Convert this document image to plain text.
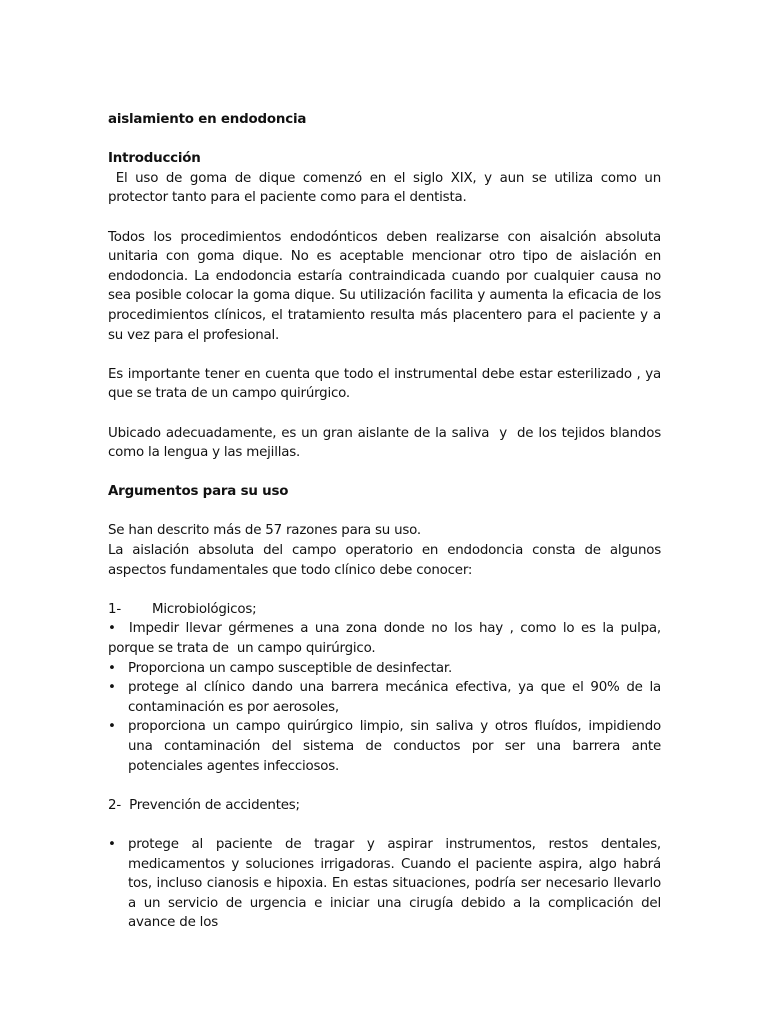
aislamiento en endodoncia

Introducción

El uso de goma de dique comenzó en el siglo XIX, y aun se utiliza como un  protector tanto para el paciente como para el dentista.

Todos los procedimientos endodónticos deben realizarse con aisalción absoluta unitaria con goma dique. No es aceptable mencionar otro tipo de aislación en endodoncia. La endodoncia estaría contraindicada cuando por cualquier causa no sea posible colocar la goma dique. Su utilización facilita y aumenta la eficacia de los procedimientos clínicos, el tratamiento resulta más placentero para el paciente y a su vez para el profesional.

Es importante tener en cuenta que todo el instrumental debe estar esterilizado , ya que se trata de un campo quirúrgico.

Ubicado adecuadamente, es un gran aislante de la saliva  y  de los tejidos blandos como la lengua y las mejillas.

Argumentos para su uso

Se han descrito más de 57 razones para su uso.

La aislación absoluta del campo operatorio en endodoncia consta de algunos aspectos fundamentales que todo clínico debe conocer:

1-	Microbiológicos;

•  Impedir llevar gérmenes a una zona donde no los hay , como lo es la pulpa, porque se trata de  un campo quirúrgico.

• Proporciona un campo susceptible de desinfectar.
• protege al clínico dando una barrera mecánica efectiva, ya que el 90% de la contaminación es por aerosoles,
• proporciona un campo quirúrgico limpio, sin saliva y otros fluídos, impidiendo una contaminación del sistema de conductos por ser una barrera ante potenciales agentes infecciosos.

2-  Prevención de accidentes;

• protege al paciente de tragar y aspirar instrumentos, restos dentales, medicamentos y soluciones irrigadoras. Cuando el paciente aspira, algo habrá tos, incluso cianosis e hipoxia. En estas situaciones, podría ser necesario llevarlo a un servicio de urgencia e iniciar una cirugía debido a la complicación del avance de los
